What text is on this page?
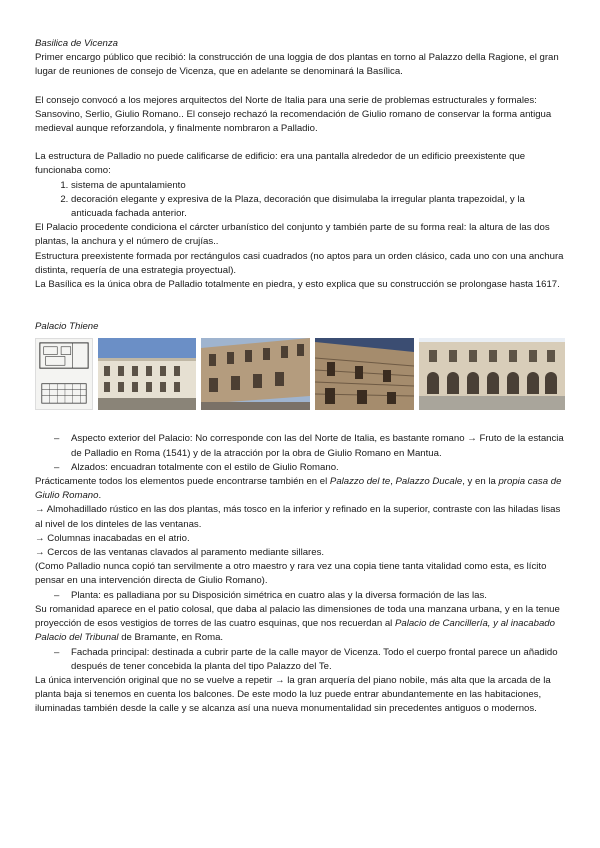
Basilica de Vicenza

Primer encargo público que recibió: la construcción de una loggia de dos plantas en torno al Palazzo della Ragione, el gran lugar de reuniones de consejo de Vicenza, que en adelante se denominará la Basílica.

El consejo convocó a los mejores arquitectos del Norte de Italia para una serie de problemas estructurales y formales: Sansovino, Serlio, Giulio Romano.. El consejo rechazó la recomendación de Giulio romano de conservar la forma antigua medieval aunque reforzandola, y finalmente nombraron a Palladio.

La estructura de Palladio no puede calificarse de edificio: era una pantalla alrededor de un edificio preexistente que funcionaba como:

1. sistema de apuntalamiento
2. decoración elegante y expresiva de la Plaza, decoración que disimulaba la irregular planta trapezoidal, y la anticuada fachada anterior.

El Palacio procedente condiciona el cárcter urbanístico del conjunto y también parte de su forma real: la altura de las dos plantas, la anchura y el número de crujías..

Estructura preexistente formada por rectángulos casi cuadrados (no aptos para un orden clásico, cada uno con una anchura distinta, requería de una estrategia proyectual).

La Basílica es la única obra de Palladio totalmente en piedra, y esto explica que su construcción se prolongase hasta 1617.

Palacio Thiene

– Aspecto exterior del Palacio: No corresponde con las del Norte de Italia, es bastante romano → Fruto de la estancia de Palladio en Roma (1541) y de la atracción por la obra de Giulio Romano en Mantua.
– Alzados: encuadran totalmente con el estilo de Giulio Romano.

Prácticamente todos los elementos puede encontrarse también en el Palazzo del te, Palazzo Ducale, y en la propia casa de Giulio Romano.

→ Almohadillado rústico en las dos plantas, más tosco en la inferior y refinado en la superior, contraste con las hiladas lisas al nivel de los dinteles de las ventanas.

→ Columnas inacabadas en el atrio.

→ Cercos de las ventanas clavados al paramento mediante sillares.

(Como Palladio nunca copió tan servilmente a otro maestro y rara vez una copia tiene tanta vitalidad como esta, es lícito pensar en una intervención directa de Giulio Romano).

– Planta: es palladiana por su Disposición simétrica en cuatro alas y la diversa formación de las las.

Su romanidad aparece en el patio colosal, que daba al palacio las dimensiones de toda una manzana urbana, y en la tenue proyección de esos vestigios de torres de las cuatro esquinas, que nos recuerdan al Palacio de Cancillería, y al inacabado Palacio del Tribunal de Bramante, en Roma.

– Fachada principal: destinada a cubrir parte de la calle mayor de Vicenza. Todo el cuerpo frontal parece un añadido después de tener concebida la planta del tipo Palazzo del Te.

La única intervención original que no se vuelve a repetir → la gran arquería del piano nobile, más alta que la arcada de la planta baja si tenemos en cuenta los balcones. De este modo la luz puede entrar abundantemente en las habitaciones, iluminadas también desde la calle y se alcanza así una nueva monumentalidad sin precedentes antiguos o modernos.
